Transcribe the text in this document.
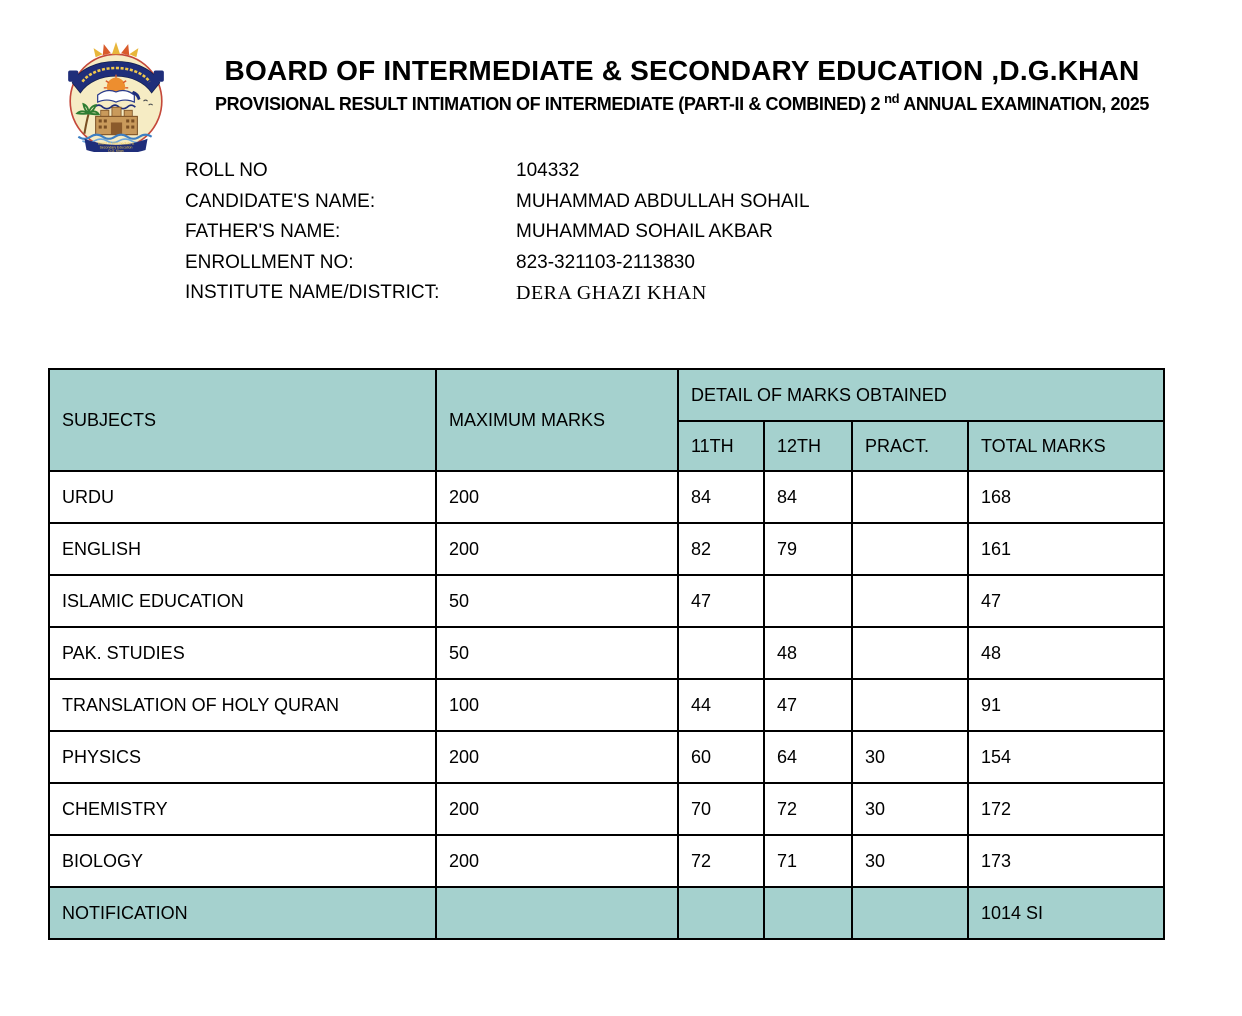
Board of Intermediate &
Secondary Education
D.G. Khan
BOARD OF INTERMEDIATE & SECONDARY EDUCATION ,D.G.KHAN
PROVISIONAL RESULT INTIMATION OF INTERMEDIATE (PART-II & COMBINED) 2 $^{nd}$ ANNUAL EXAMINATION, 2025
ROLL NO	104332
CANDIDATE'S NAME:	MUHAMMAD ABDULLAH SOHAIL
FATHER'S NAME:	MUHAMMAD SOHAIL AKBAR
ENROLLMENT NO:	823-321103-2113830
INSTITUTE NAME/DISTRICT:	DERA GHAZI KHAN
SUBJECTS	MAXIMUM MARKS	DETAIL OF MARKS OBTAINED			
		11TH	12TH	PRACT.	TOTAL MARKS
URDU	200	84	84		168
ENGLISH	200	82	79		161
ISLAMIC EDUCATION	50	47			47
PAK. STUDIES	50		48		48
TRANSLATION OF HOLY QURAN	100	44	47		91
PHYSICS	200	60	64	30	154
CHEMISTRY	200	70	72	30	172
BIOLOGY	200	72	71	30	173
NOTIFICATION					1014 SI
